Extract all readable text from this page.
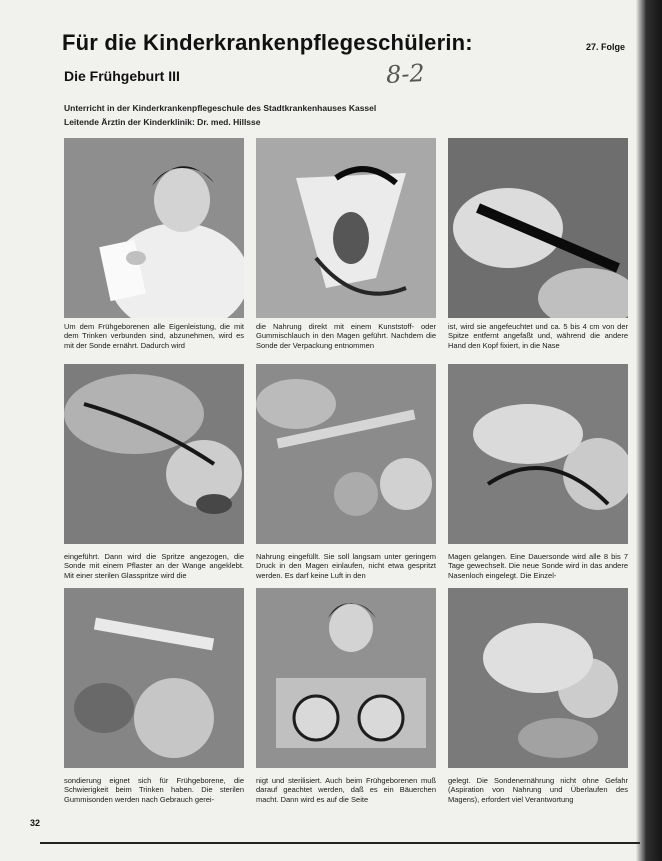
Für die Kinderkrankenpflegeschülerin:	27. Folge
Die Frühgeburt III	8-2
Unterricht in der Kinderkrankenpflegeschule des Stadtkrankenhauses Kassel
Leitende Ärztin der Kinderklinik: Dr. med. Hillsse
Um dem Frühgeborenen alle Eigenleistung, die mit dem Trinken verbunden sind, abzunehmen, wird es mit der Sonde ernährt. Dadurch wird
die Nahrung direkt mit einem Kunststoff- oder Gummischlauch in den Magen geführt. Nachdem die Sonde der Verpackung entnommen
ist, wird sie angefeuchtet und ca. 5 bis 4 cm von der Spitze entfernt angefaßt und, während die andere Hand den Kopf fixiert, in die Nase
eingeführt. Dann wird die Spritze angezogen, die Sonde mit einem Pflaster an der Wange angeklebt. Mit einer sterilen Glasspritze wird die
Nahrung eingefüllt. Sie soll langsam unter geringem Druck in den Magen einlaufen, nicht etwa gespritzt werden. Es darf keine Luft in den
Magen gelangen. Eine Dauersonde wird alle 8 bis 7 Tage gewechselt. Die neue Sonde wird in das andere Nasenloch eingelegt. Die Einzel-
sondierung eignet sich für Frühgeborene, die Schwierigkeit beim Trinken haben. Die sterilen Gummisonden werden nach Gebrauch gerei-
nigt und sterilisiert. Auch beim Frühgeborenen muß darauf geachtet werden, daß es ein Bäuerchen macht. Dann wird es auf die Seite
gelegt. Die Sondenernährung nicht ohne Gefahr (Aspiration von Nahrung und Überlaufen des Magens), erfordert viel Verantwortung
32
